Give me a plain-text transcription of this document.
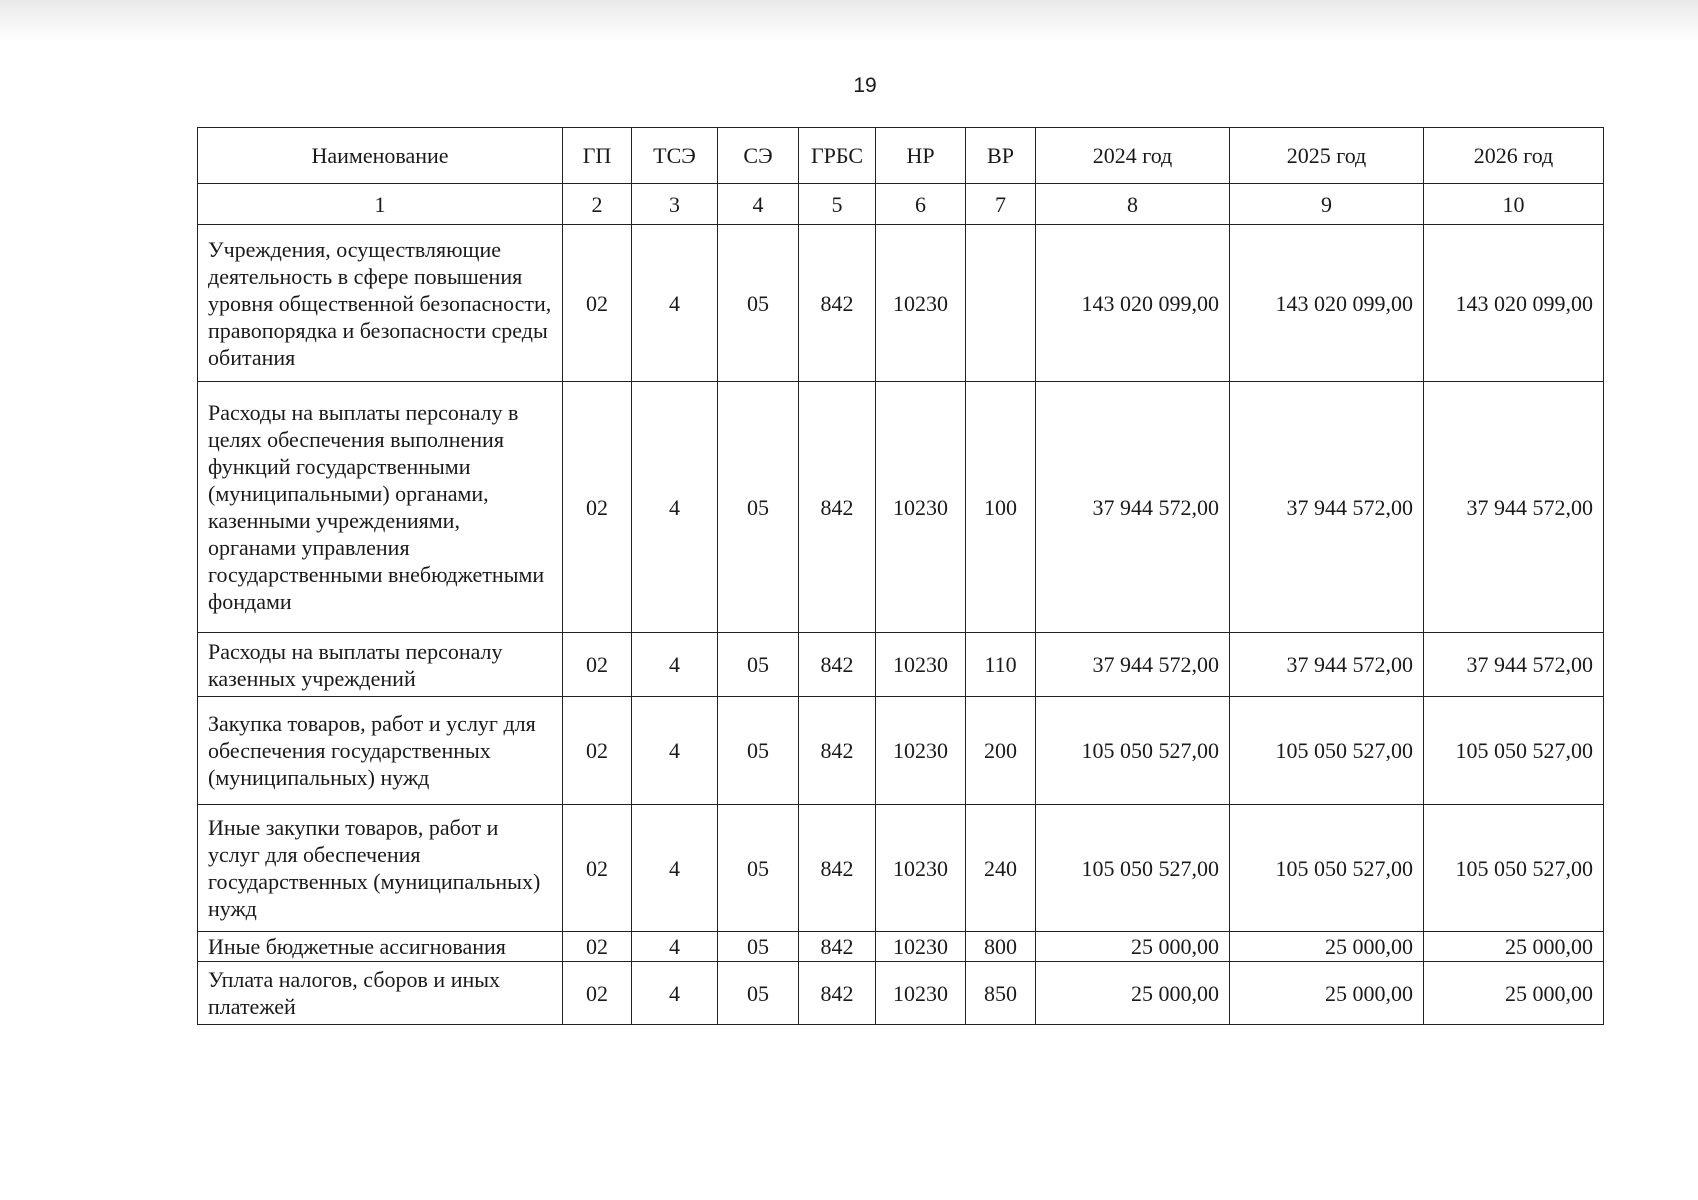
19
Наименование	ГП	ТСЭ	СЭ	ГРБС	НР	ВР	2024 год	2025 год	2026 год
1	2	3	4	5	6	7	8	9	10
Учреждения, осуществляющие деятельность в сфере повышения уровня общественной безопасности, правопорядка и безопасности среды обитания	02	4	05	842	10230		143 020 099,00	143 020 099,00	143 020 099,00
Расходы на выплаты персоналу в целях обеспечения выполнения функций государственными (муниципальными) органами, казенными учреждениями, органами управления государственными внебюджетными фондами	02	4	05	842	10230	100	37 944 572,00	37 944 572,00	37 944 572,00
Расходы на выплаты персоналу казенных учреждений	02	4	05	842	10230	110	37 944 572,00	37 944 572,00	37 944 572,00
Закупка товаров, работ и услуг для обеспечения государственных (муниципальных) нужд	02	4	05	842	10230	200	105 050 527,00	105 050 527,00	105 050 527,00
Иные закупки товаров, работ и услуг для обеспечения государственных (муниципальных) нужд	02	4	05	842	10230	240	105 050 527,00	105 050 527,00	105 050 527,00
Иные бюджетные ассигнования	02	4	05	842	10230	800	25 000,00	25 000,00	25 000,00
Уплата налогов, сборов и иных платежей	02	4	05	842	10230	850	25 000,00	25 000,00	25 000,00
